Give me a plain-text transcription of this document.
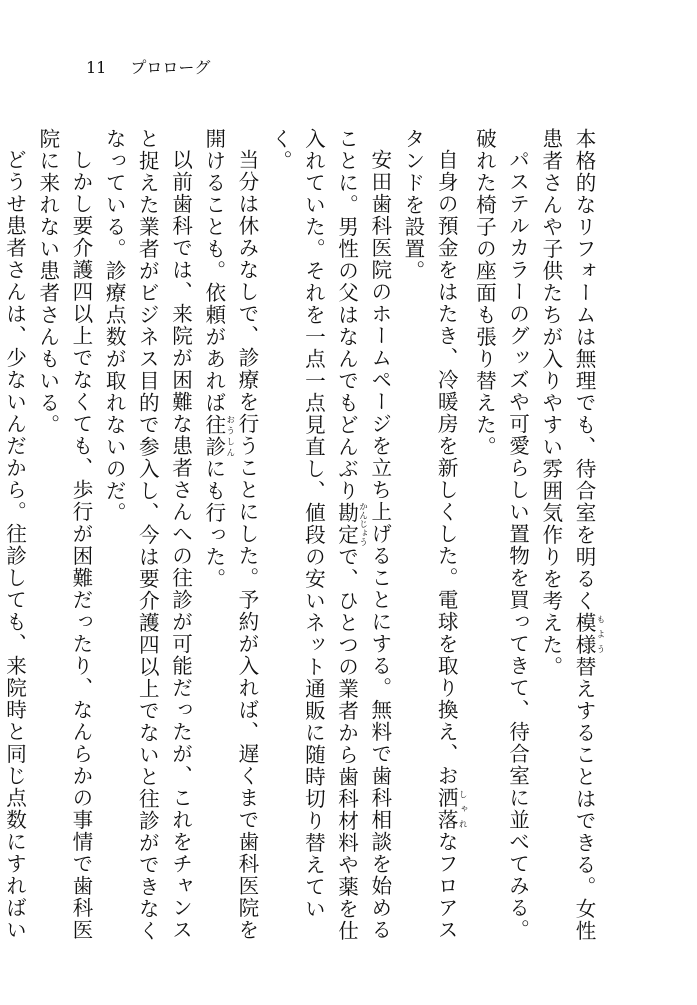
11 プロローグ

本格的なリフォームは無理でも、待合室を明るく模様 もよう替えすることはできる。女性患者さんや子供たちが入りやすい雰囲気作りを考えた。

パステルカラーのグッズや可愛らしい置物を買ってきて、待合室に並べてみる。破れた椅子の座面も張り替えた。

自身の預金をはたき、冷暖房を新しくした。電球を取り換え、お洒落 しゃれなフロアスタンドを設置。

安田歯科医院のホームページを立ち上げることにする。無料で歯科相談を始めることに。男性の父はなんでもどんぶり勘定 かんじょうで、ひとつの業者から歯科材料や薬を仕入れていた。それを一点一点見直し、値段の安いネット通販に随時切り替えていく。

当分は休みなしで、診療を行うことにした。予約が入れば、遅くまで歯科医院を開けることも。依頼があれば往診 おうしんにも行った。

以前歯科では、来院が困難な患者さんへの往診が可能だったが、これをチャンスと捉えた業者がビジネス目的で参入し、今は要介護四以上でないと往診ができなくなっている。診療点数が取れないのだ。

しかし要介護四以上でなくても、歩行が困難だったり、なんらかの事情で歯科医院に来れない患者さんもいる。

どうせ患者さんは、少ないんだから。往診しても、来院時と同じ点数にすればい
